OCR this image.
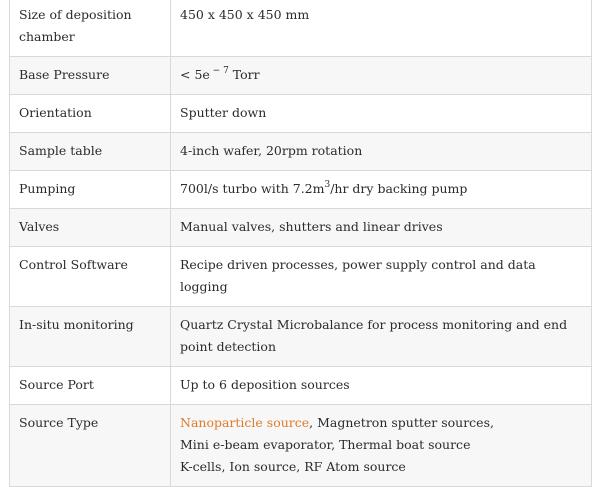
Size of deposition chamber	450 x 450 x 450 mm
Base Pressure	< 5e $^{- 7}$ Torr
Orientation	Sputter down
Sample table	4-inch wafer, 20rpm rotation
Pumping	700l/s turbo with $7.2m^3/hr$ dry backing pump
Valves	Manual valves, shutters and linear drives
Control Software	Recipe driven processes, power supply control and data logging
In-situ monitoring	Quartz Crystal Microbalance for process monitoring and end point detection
Source Port	Up to 6 deposition sources
Source Type	Nanoparticle source, Magnetron sputter sources,
Mini e-beam evaporator, Thermal boat source
K-cells, Ion source, RF Atom source
